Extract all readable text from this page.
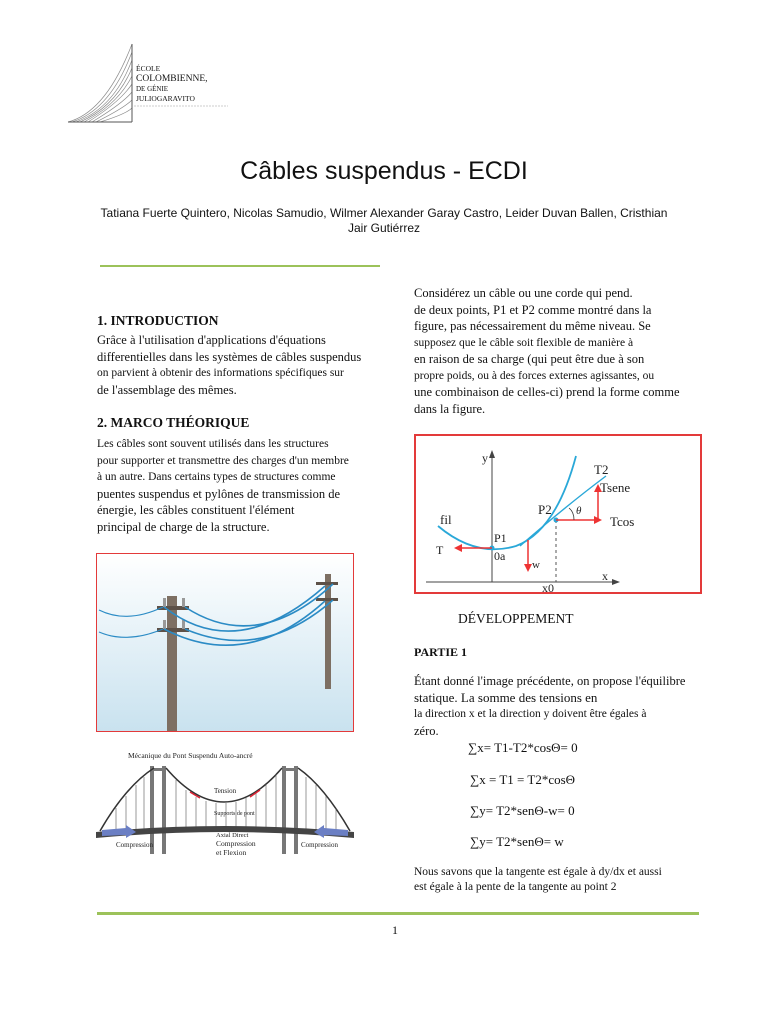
ÉCOLE
COLOMBIENNE,
DE GÉNIE
JULIOGARAVITO
Câbles suspendus - ECDI
Tatiana Fuerte Quintero, Nicolas Samudio, Wilmer Alexander Garay Castro, Leider Duvan Ballen, Cristhian Jair Gutiérrez
1. INTRODUCTION
Grâce à l'utilisation d'applications d'équations
differentielles dans les systèmes de câbles suspendus
on parvient à obtenir des informations spécifiques sur
de l'assemblage des mêmes.
2. MARCO THÉORIQUE
Les câbles sont souvent utilisés dans les structures
pour supporter et transmettre des charges d'un membre
à un autre. Dans certains types de structures comme
puentes suspendus et pylônes de transmission de
énergie, les câbles constituent l'élément
principal de charge de la structure.
Mécanique du Pont Suspendu Auto-ancré
Tension
Supports de pont
Axial Direct
Compression
et Flexion
Compression	Compression
Considérez un câble ou une corde qui pend.
de deux points, P1 et P2 comme montré dans la
figure, pas nécessairement du même niveau. Se
supposez que le câble soit flexible de manière à
en raison de sa charge (qui peut être due à son
propre poids, ou à des forces externes agissantes, ou
une combinaison de celles-ci) prend la forme comme
dans la figure.
y
x
T2
Tsene
Tcos
θ
P2
fil
P1
T	0a
w
x0
DÉVELOPPEMENT
PARTIE 1
Étant donné l'image précédente, on propose l'équilibre
statique. La somme des tensions en
la direction x et la direction y doivent être égales à
zéro.
∑x= T1-T2*cosΘ= 0
∑x = T1 = T2*cosΘ
∑y= T2*senΘ-w= 0
∑y= T2*senΘ= w
Nous savons que la tangente est égale à dy/dx et aussi
est égale à la pente de la tangente au point 2
1
